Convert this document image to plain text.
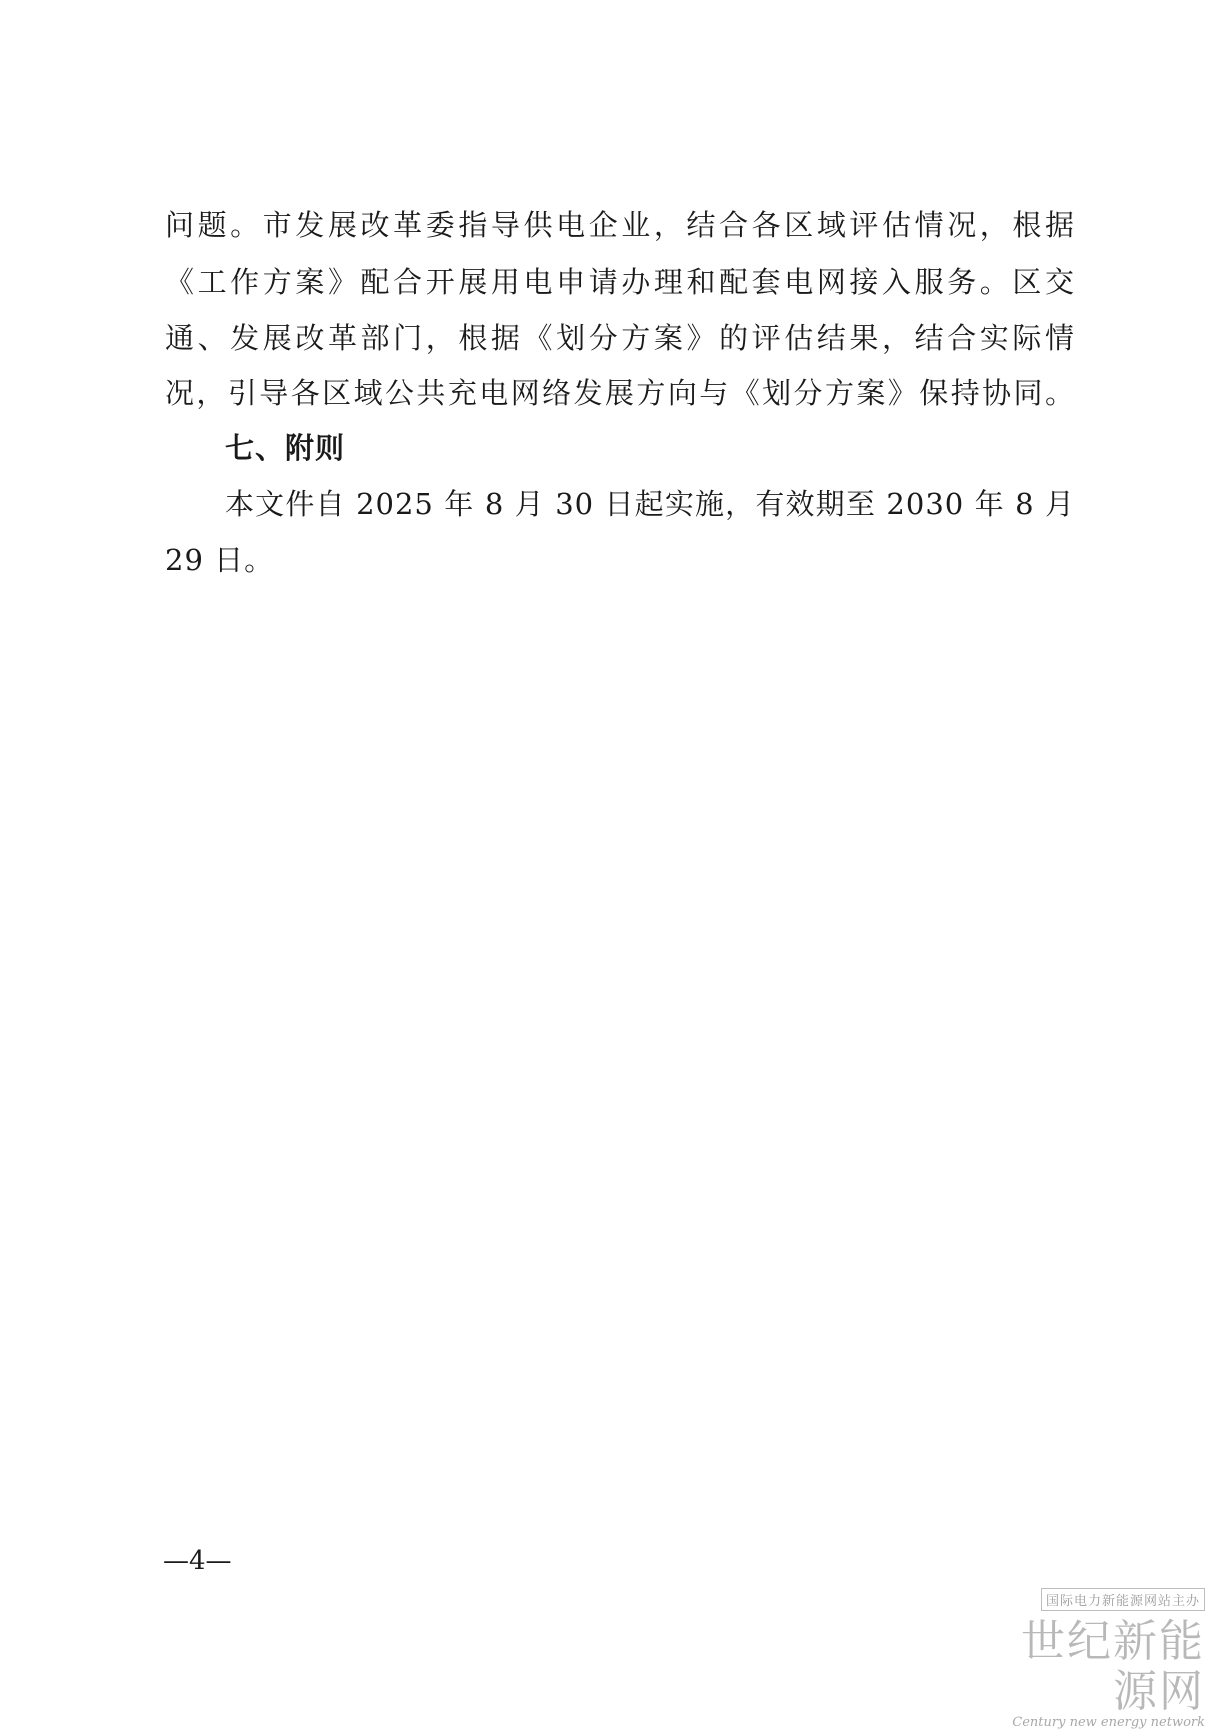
问题。市发展改革委指导供电企业，结合各区域评估情况，根据
《工作方案》配合开展用电申请办理和配套电网接入服务。区交
通、发展改革部门，根据《划分方案》的评估结果，结合实际情
况，引导各区域公共充电网络发展方向与《划分方案》保持协同。
七、附则
本文件自 2025 年 8 月 30 日起实施，有效期至 2030 年 8 月
29 日。
—4—
国际电力新能源网站主办
世纪新能源网
Century new energy network
